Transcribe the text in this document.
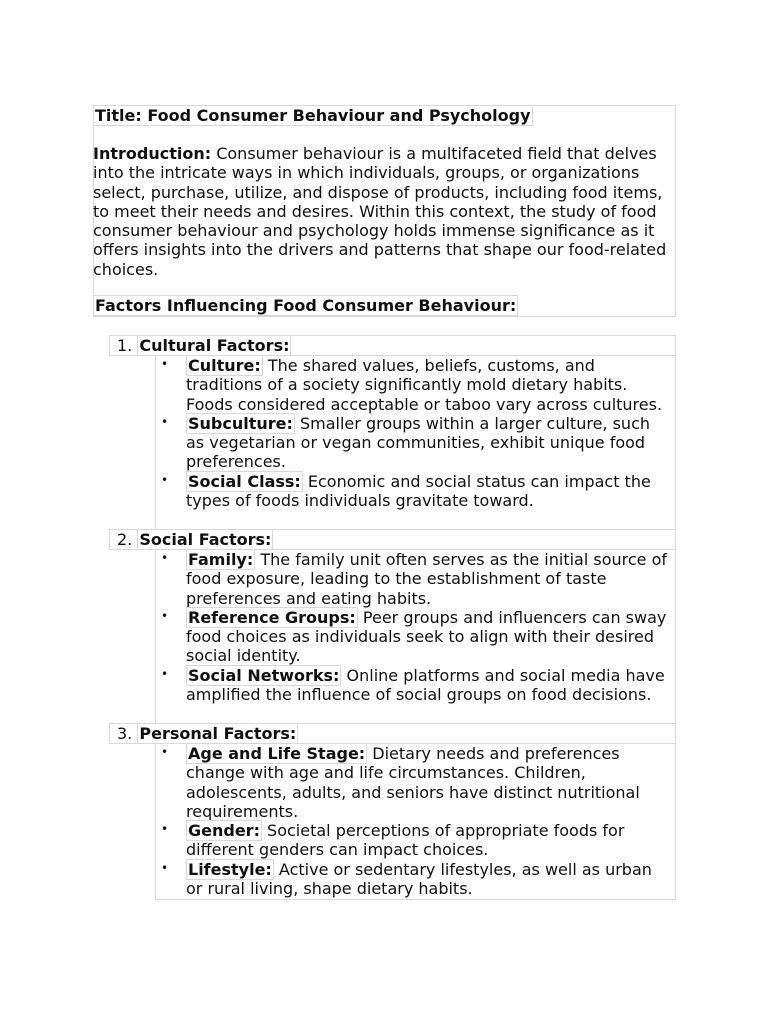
Title: Food Consumer Behaviour and Psychology

Introduction: Consumer behaviour is a multifaceted field that delves into the intricate ways in which individuals, groups, or organizations select, purchase, utilize, and dispose of products, including food items, to meet their needs and desires. Within this context, the study of food consumer behaviour and psychology holds immense significance as it offers insights into the drivers and patterns that shape our food-related choices.

Factors Influencing Food Consumer Behaviour:
1. Cultural Factors:
• Culture: The shared values, beliefs, customs, and traditions of a society significantly mold dietary habits. Foods considered acceptable or taboo vary across cultures.
• Subculture: Smaller groups within a larger culture, such as vegetarian or vegan communities, exhibit unique food preferences.
• Social Class: Economic and social status can impact the types of foods individuals gravitate toward.
2. Social Factors:
• Family: The family unit often serves as the initial source of food exposure, leading to the establishment of taste preferences and eating habits.
• Reference Groups: Peer groups and influencers can sway food choices as individuals seek to align with their desired social identity.
• Social Networks: Online platforms and social media have amplified the influence of social groups on food decisions.
3. Personal Factors:
• Age and Life Stage: Dietary needs and preferences change with age and life circumstances. Children, adolescents, adults, and seniors have distinct nutritional requirements.
• Gender: Societal perceptions of appropriate foods for different genders can impact choices.
• Lifestyle: Active or sedentary lifestyles, as well as urban or rural living, shape dietary habits.
